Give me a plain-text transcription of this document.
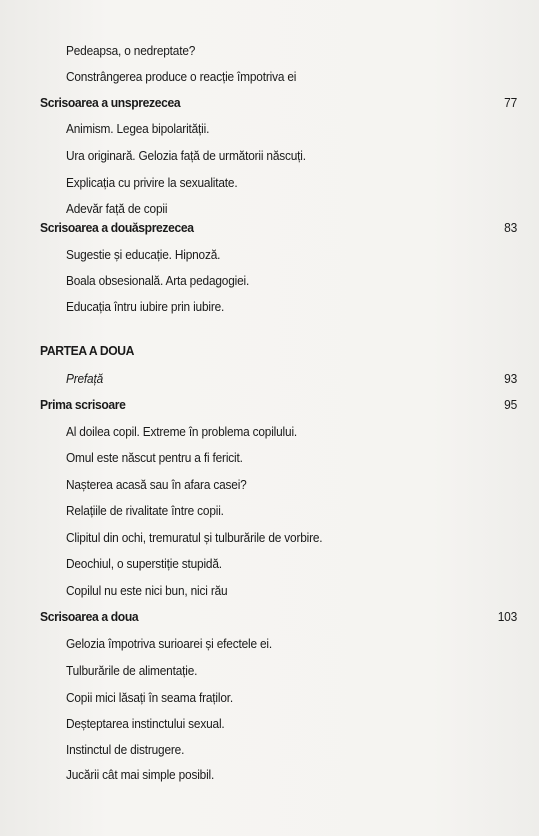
Pedeapsa, o nedreptate?
Constrângerea produce o reacție împotriva ei
Scrisoarea a unsprezecea	77
Animism. Legea bipolarității.
Ura originară. Gelozia față de următorii născuți.
Explicația cu privire la sexualitate.
Adevăr față de copii
Scrisoarea a douăsprezecea	83
Sugestie și educație. Hipnoză.
Boala obsesională. Arta pedagogiei.
Educația întru iubire prin iubire.
PARTEA A DOUA
Prefață	93
Prima scrisoare	95
Al doilea copil. Extreme în problema copilului.
Omul este născut pentru a fi fericit.
Nașterea acasă sau în afara casei?
Relațiile de rivalitate între copii.
Clipitul din ochi, tremuratul și tulburările de vorbire.
Deochiul, o superstiție stupidă.
Copilul nu este nici bun, nici rău
Scrisoarea a doua	103
Gelozia împotriva surioarei și efectele ei.
Tulburările de alimentație.
Copii mici lăsați în seama fraților.
Deșteptarea instinctului sexual.
Instinctul de distrugere.
Jucării cât mai simple posibil.
